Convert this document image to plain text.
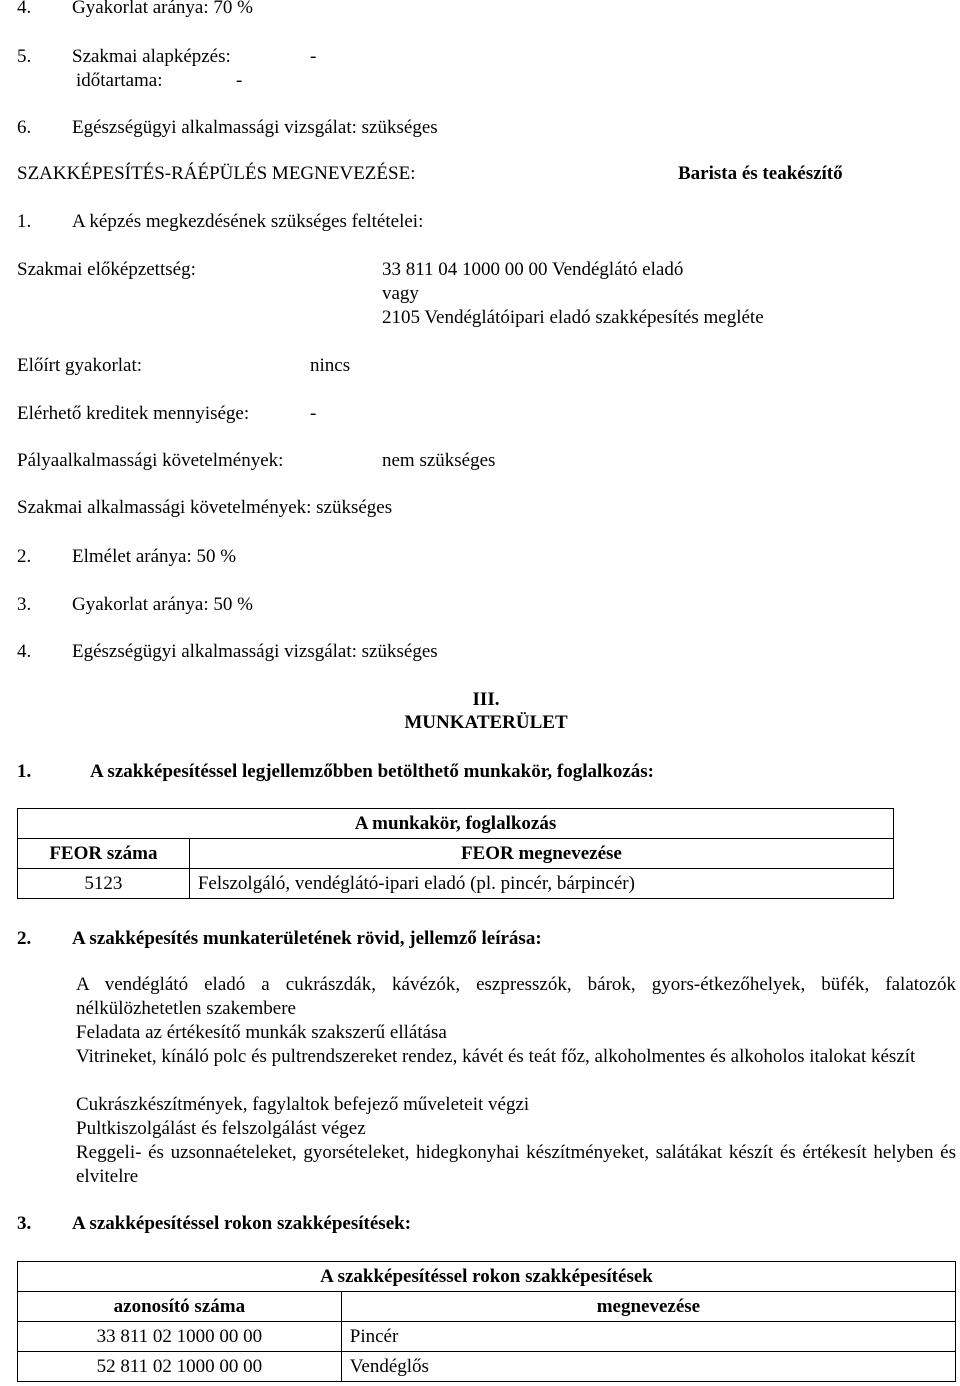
4. Gyakorlat aránya: 70 %
5. Szakmai alapképzés:	-
időtartama:	-
6. Egészségügyi alkalmassági vizsgálat: szükséges
SZAKKÉPESÍTÉS-RÁÉPÜLÉS MEGNEVEZÉSE:	Barista és teakészítő
1. A képzés megkezdésének szükséges feltételei:
Szakmai előképzettség:	33 811 04 1000 00 00 Vendéglátó eladó
vagy
2105 Vendéglátóipari eladó szakképesítés megléte
Előírt gyakorlat:	nincs
Elérhető kreditek mennyisége:	-
Pályaalkalmassági követelmények:	nem szükséges
Szakmai alkalmassági követelmények: szükséges
2. Elmélet aránya: 50 %
3. Gyakorlat aránya: 50 %
4. Egészségügyi alkalmassági vizsgálat: szükséges
III.
MUNKATERÜLET
1.	A szakképesítéssel legjellemzőbben betölthető munkakör, foglalkozás:
A munkakör, foglalkozás	
FEOR száma	FEOR megnevezése
5123	Felszolgáló, vendéglátó-ipari eladó (pl. pincér, bárpincér)
2. A szakképesítés munkaterületének rövid, jellemző leírása:
A vendéglátó eladó a cukrászdák, kávézók, eszpresszók, bárok, gyors-étkezőhelyek, büfék, falatozók nélkülözhetetlen szakembere
Feladata az értékesítő munkák szakszerű ellátása
Vitrineket, kínáló polc és pultrendszereket rendez, kávét és teát főz, alkoholmentes és alkoholos italokat készít
Cukrászkészítmények, fagylaltok befejező műveleteit végzi
Pultkiszolgálást és felszolgálást végez
Reggeli- és uzsonnaételeket, gyorsételeket, hidegkonyhai készítményeket, salátákat készít és értékesít helyben és elvitelre
3. A szakképesítéssel rokon szakképesítések:
A szakképesítéssel rokon szakképesítések	
azonosító száma	megnevezése
33 811 02 1000 00 00	Pincér
52 811 02 1000 00 00	Vendéglős
